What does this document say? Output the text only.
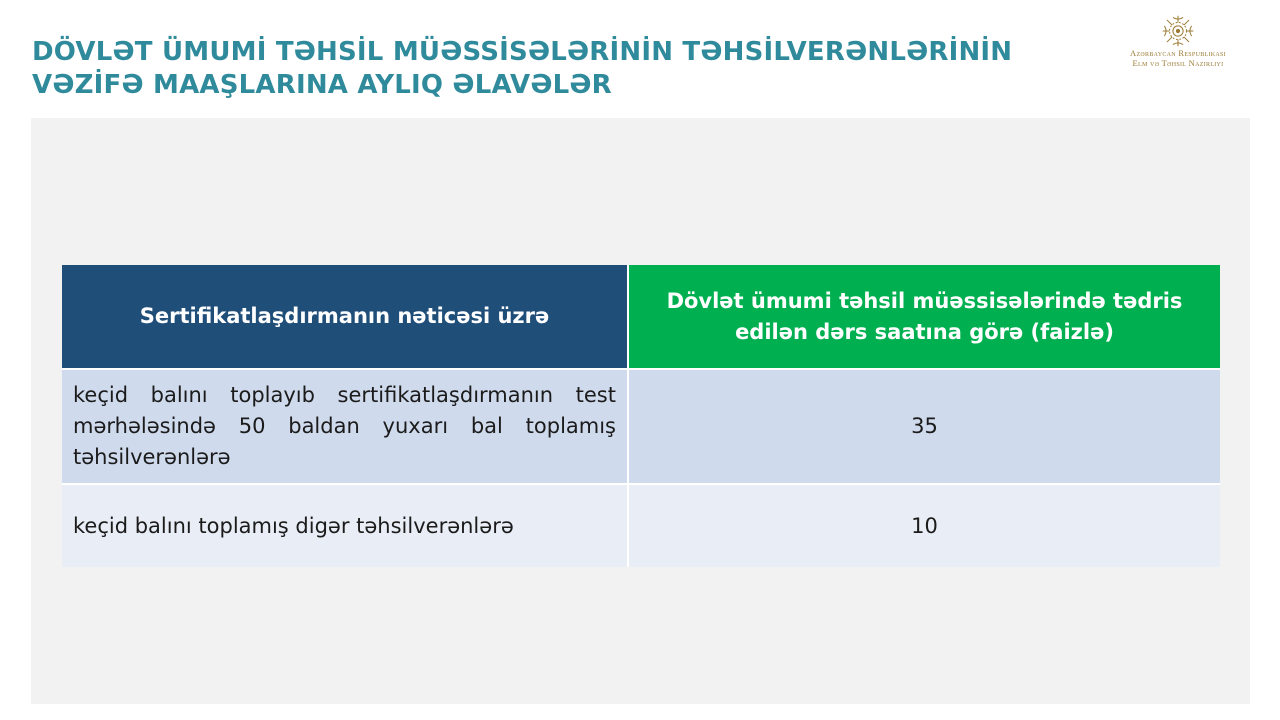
DÖVLƏT ÜMUMİ TƏHSİL MÜƏSSİSƏLƏRİNİN TƏHSİLVERƏNLƏRİNİN
VƏZİFƏ MAAŞLARINA AYLIQ ƏLAVƏLƏR
Azərbaycan Respublikası
Elm və Təhsil Nazirliyi
Sertifikatlaşdırmanın nəticəsi üzrə	Dövlət ümumi təhsil müəssisələrində tədris edilən dərs saatına görə (faizlə)
keçid balını toplayıb sertifikatlaşdırmanın test mərhələsində 50 baldan yuxarı bal toplamış təhsilverənlərə	35
keçid balını toplamış digər təhsilverənlərə	10
